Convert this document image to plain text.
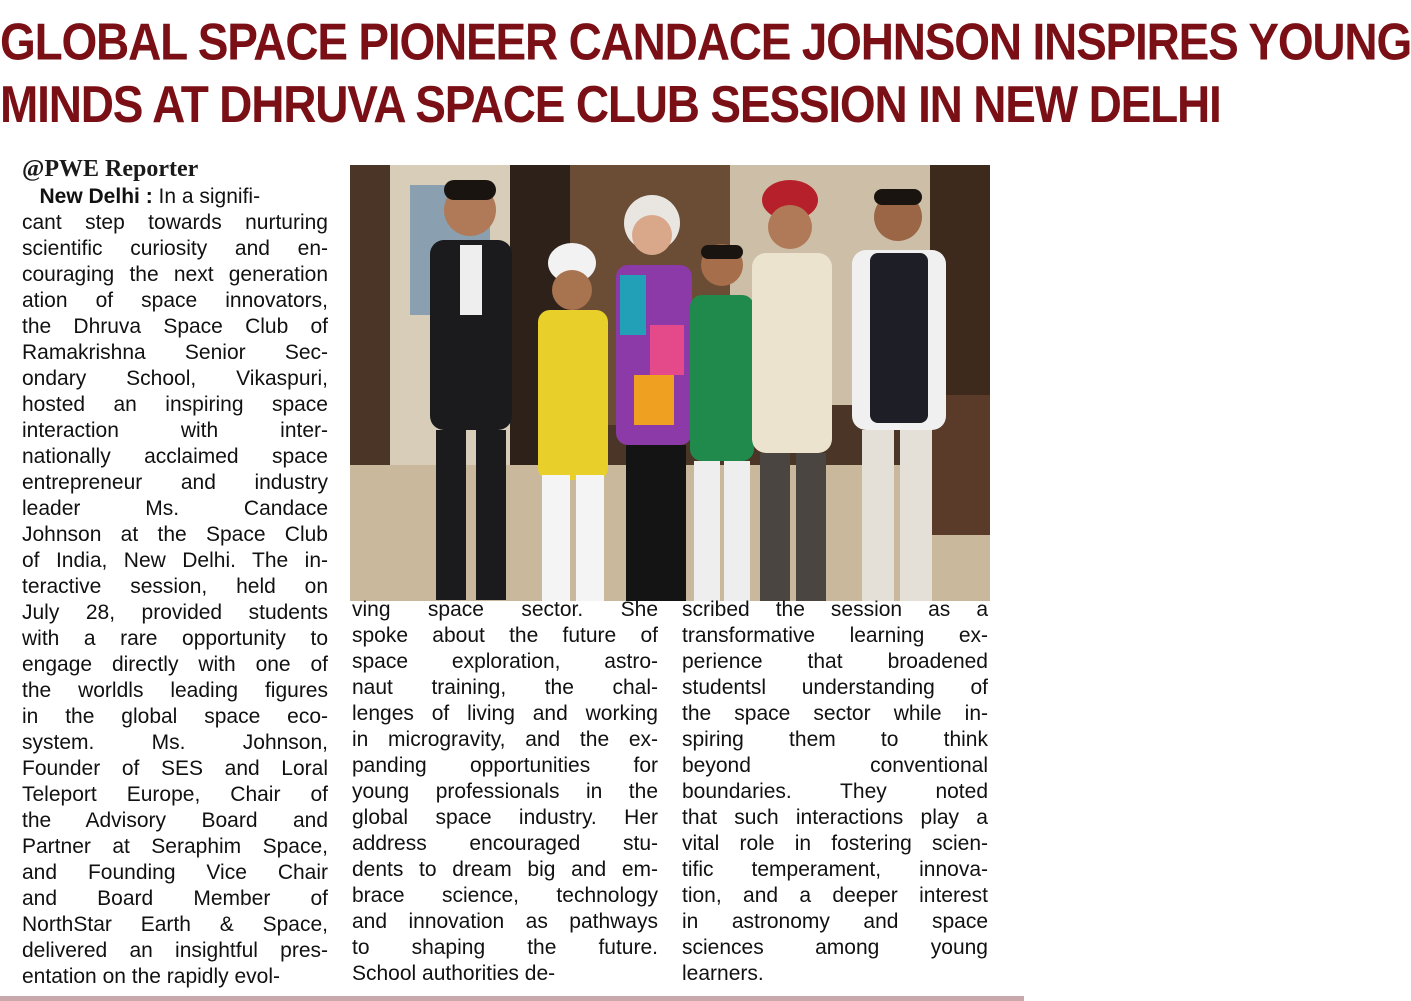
GLOBAL SPACE PIONEER CANDACE JOHNSON INSPIRES YOUNG
MINDS AT DHRUVA SPACE CLUB SESSION IN NEW DELHI
@PWE Reporter
New Delhi : In a signifi-
cant step towards nurturing
scientific curiosity and en-
couraging the next generation
ation of space innovators,
the Dhruva Space Club of
Ramakrishna Senior Sec-
ondary School, Vikaspuri,
hosted an inspiring space
interaction with inter-
nationally acclaimed space
entrepreneur and industry
leader Ms. Candace
Johnson at the Space Club
of India, New Delhi. The in-
teractive session, held on
July 28, provided students
with a rare opportunity to
engage directly with one of
the worldls leading figures
in the global space eco-
system. Ms. Johnson,
Founder of SES and Loral
Teleport Europe, Chair of
the Advisory Board and
Partner at Seraphim Space,
and Founding Vice Chair
and Board Member of
NorthStar Earth & Space,
delivered an insightful pres-
entation on the rapidly evol-
ving space sector. She
spoke about the future of
space exploration, astro-
naut training, the chal-
lenges of living and working
in microgravity, and the ex-
panding opportunities for
young professionals in the
global space industry. Her
address encouraged stu-
dents to dream big and em-
brace science, technology
and innovation as pathways
to shaping the future.
School authorities de-
scribed the session as a
transformative learning ex-
perience that broadened
studentsl understanding of
the space sector while in-
spiring them to think
beyond conventional
boundaries. They noted
that such interactions play a
vital role in fostering scien-
tific temperament, innova-
tion, and a deeper interest
in astronomy and space
sciences among young
learners.
